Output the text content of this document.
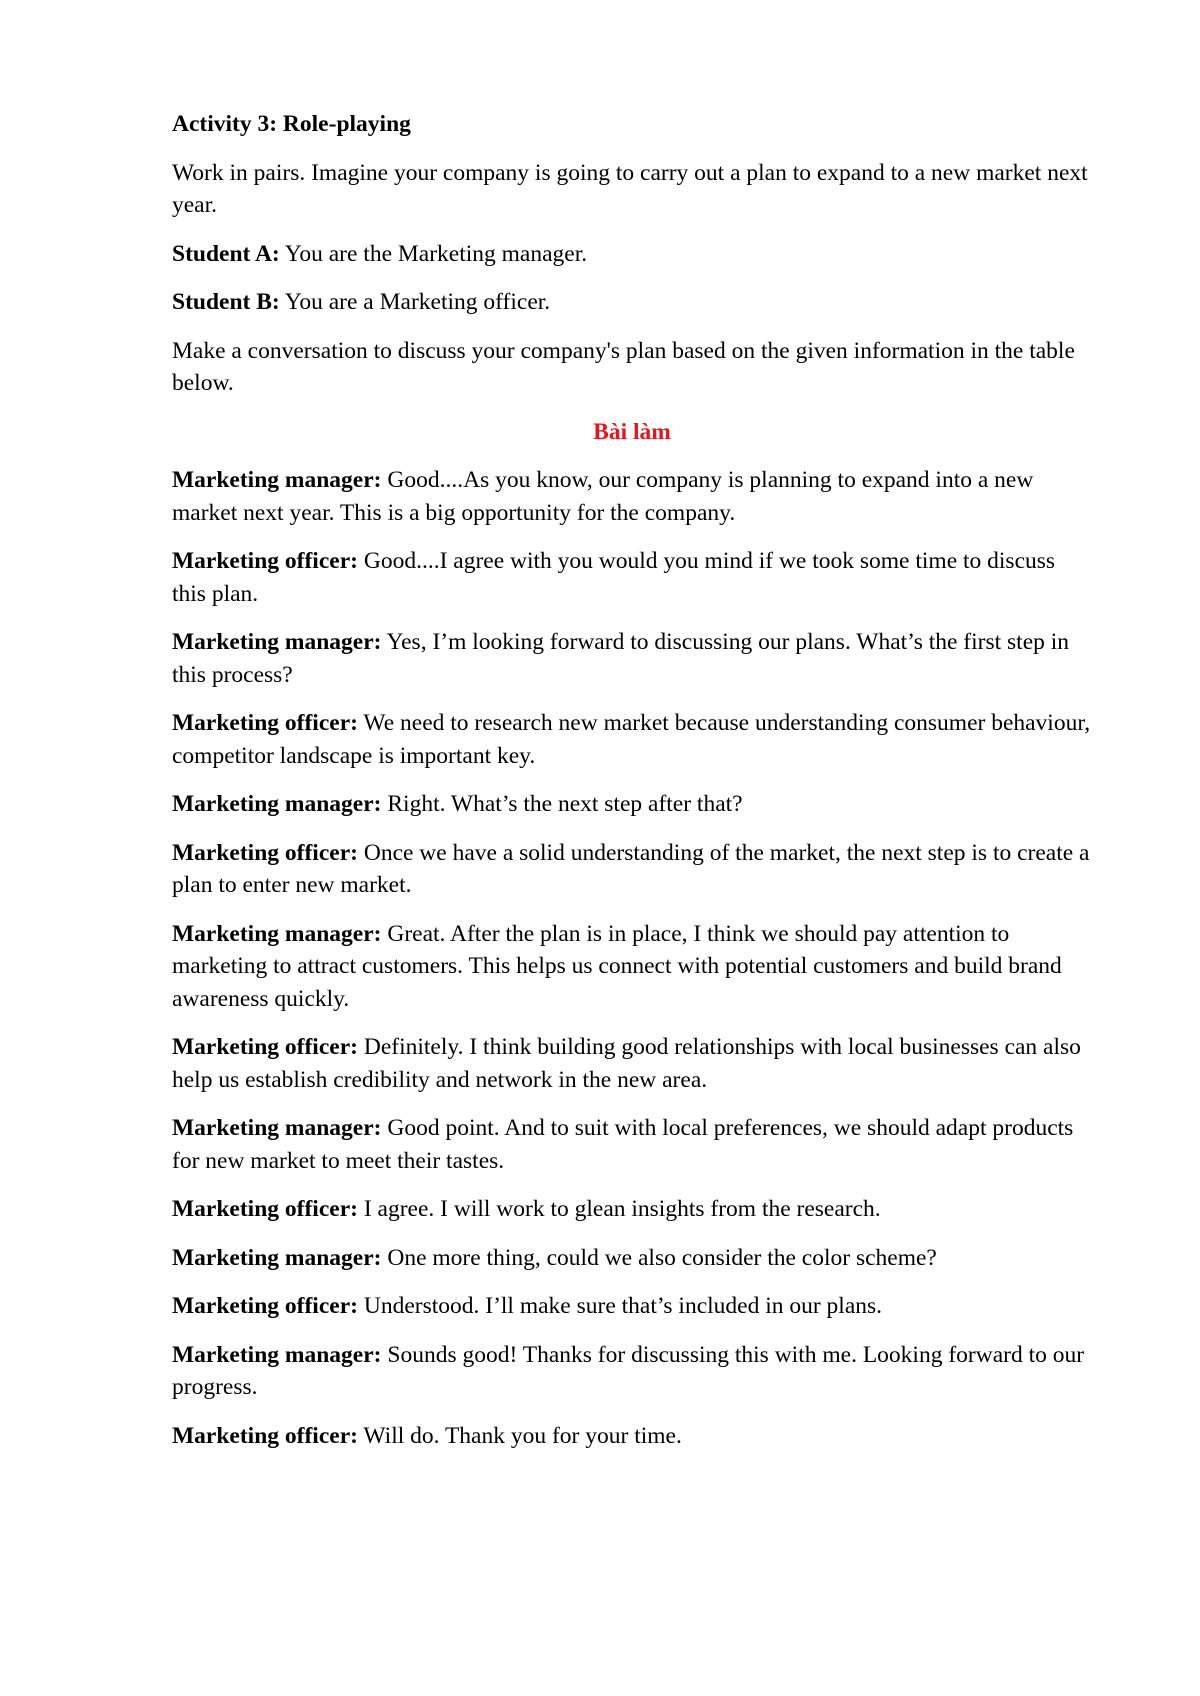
Activity 3: Role-playing

Work in pairs. Imagine your company is going to carry out a plan to expand to a new market next year.

Student A: You are the Marketing manager.

Student B: You are a Marketing officer.

Make a conversation to discuss your company's plan based on the given information in the table below.

Bài làm

Marketing manager: Good....As you know, our company is planning to expand into a new market next year. This is a big opportunity for the company.

Marketing officer: Good....I agree with you would you mind if we took some time to discuss this plan.

Marketing manager: Yes, I’m looking forward to discussing our plans. What’s the first step in this process?

Marketing officer: We need to research new market because understanding consumer behaviour, competitor landscape is important key.

Marketing manager: Right. What’s the next step after that?

Marketing officer: Once we have a solid understanding of the market, the next step is to create a plan to enter new market.

Marketing manager: Great. After the plan is in place, I think we should pay attention to marketing to attract customers. This helps us connect with potential customers and build brand awareness quickly.

Marketing officer: Definitely. I think building good relationships with local businesses can also help us establish credibility and network in the new area.

Marketing manager: Good point. And to suit with local preferences, we should adapt products for new market to meet their tastes.

Marketing officer: I agree. I will work to glean insights from the research.

Marketing manager: One more thing, could we also consider the color scheme?

Marketing officer: Understood. I’ll make sure that’s included in our plans.

Marketing manager: Sounds good! Thanks for discussing this with me. Looking forward to our progress.

Marketing officer: Will do. Thank you for your time.
